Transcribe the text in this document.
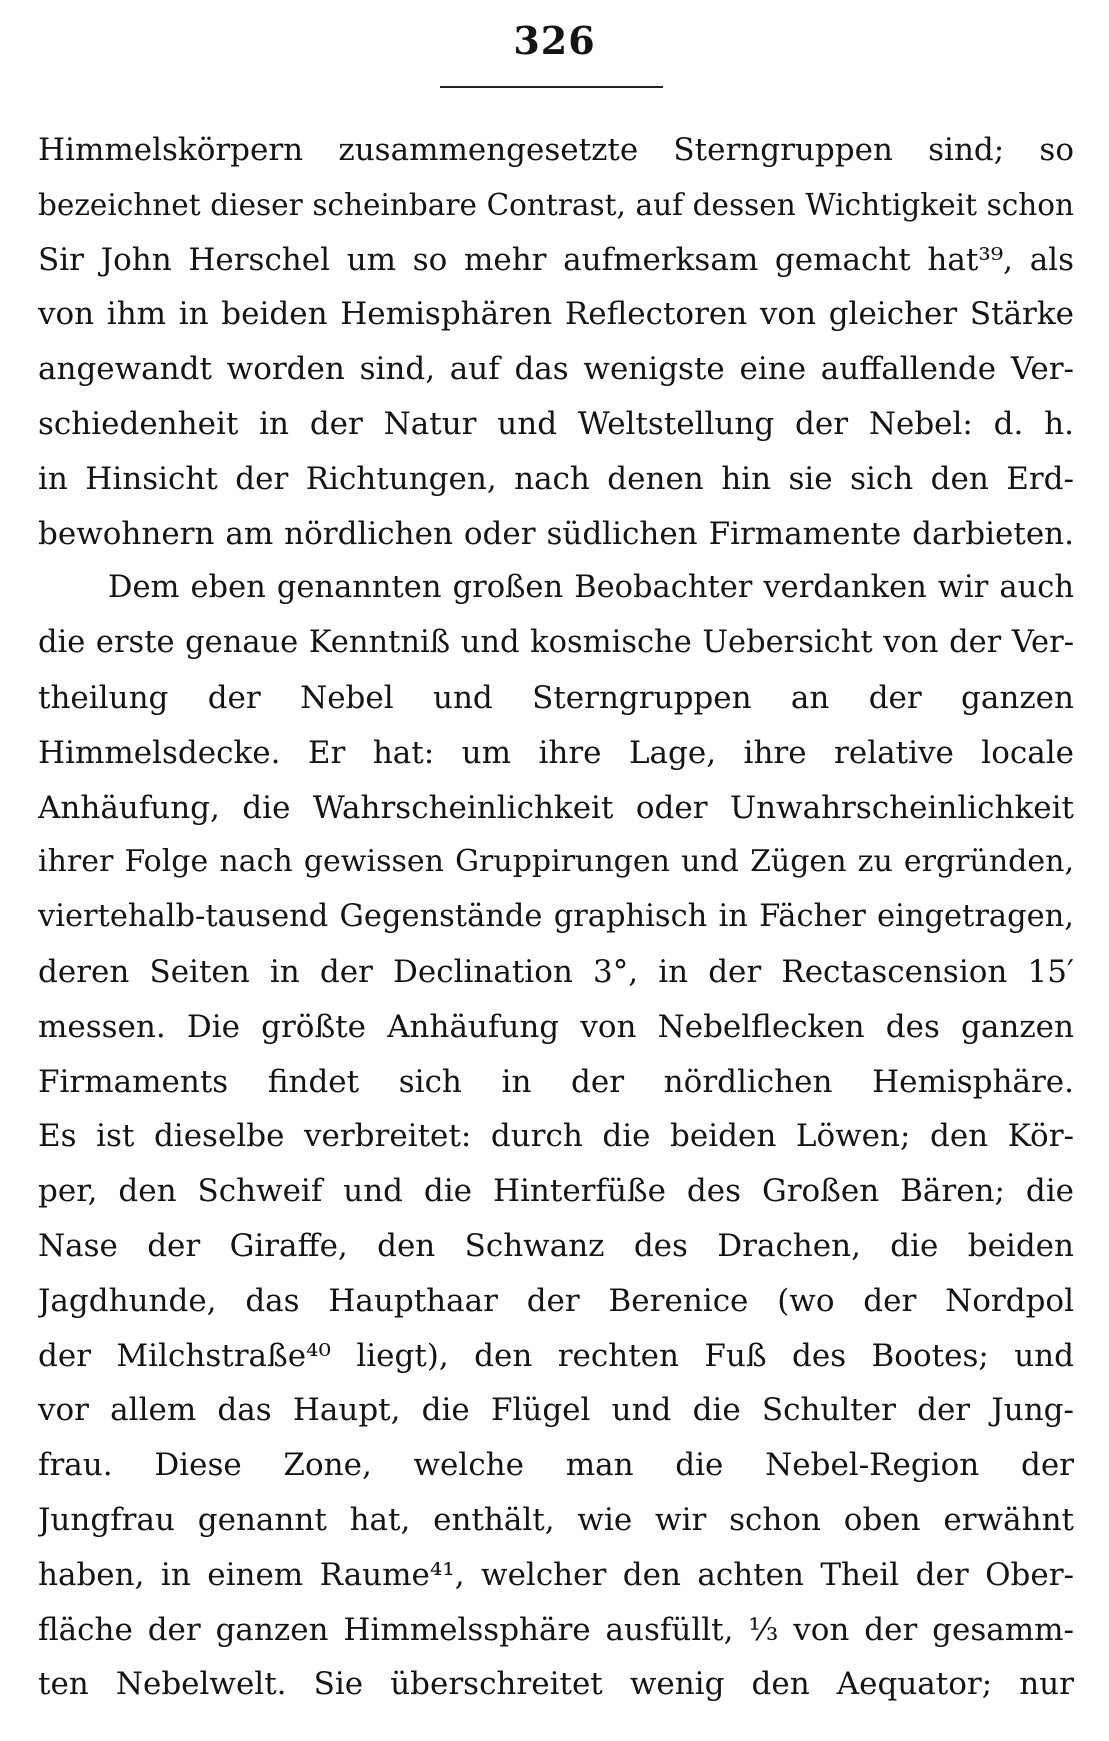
326
Himmelskörpern zusammengesetzte Sterngruppen sind; so
bezeichnet dieser scheinbare Contrast, auf dessen Wichtigkeit schon
Sir John Herschel um so mehr aufmerksam gemacht hat³⁹, als
von ihm in beiden Hemisphären Reflectoren von gleicher Stärke
angewandt worden sind, auf das wenigste eine auffallende Ver-
schiedenheit in der Natur und Weltstellung der Nebel: d. h.
in Hinsicht der Richtungen, nach denen hin sie sich den Erd-
bewohnern am nördlichen oder südlichen Firmamente darbieten.
Dem eben genannten großen Beobachter verdanken wir auch
die erste genaue Kenntniß und kosmische Uebersicht von der Ver-
theilung der Nebel und Sterngruppen an der ganzen
Himmelsdecke. Er hat: um ihre Lage, ihre relative locale
Anhäufung, die Wahrscheinlichkeit oder Unwahrscheinlichkeit
ihrer Folge nach gewissen Gruppirungen und Zügen zu ergründen,
viertehalb-tausend Gegenstände graphisch in Fächer eingetragen,
deren Seiten in der Declination 3°, in der Rectascension 15′
messen. Die größte Anhäufung von Nebelflecken des ganzen
Firmaments findet sich in der nördlichen Hemisphäre.
Es ist dieselbe verbreitet: durch die beiden Löwen; den Kör-
per, den Schweif und die Hinterfüße des Großen Bären; die
Nase der Giraffe, den Schwanz des Drachen, die beiden
Jagdhunde, das Haupthaar der Berenice (wo der Nordpol
der Milchstraße⁴⁰ liegt), den rechten Fuß des Bootes; und
vor allem das Haupt, die Flügel und die Schulter der Jung-
frau. Diese Zone, welche man die Nebel-Region der
Jungfrau genannt hat, enthält, wie wir schon oben erwähnt
haben, in einem Raume⁴¹, welcher den achten Theil der Ober-
fläche der ganzen Himmelssphäre ausfüllt, ⅓ von der gesamm-
ten Nebelwelt. Sie überschreitet wenig den Aequator; nur
